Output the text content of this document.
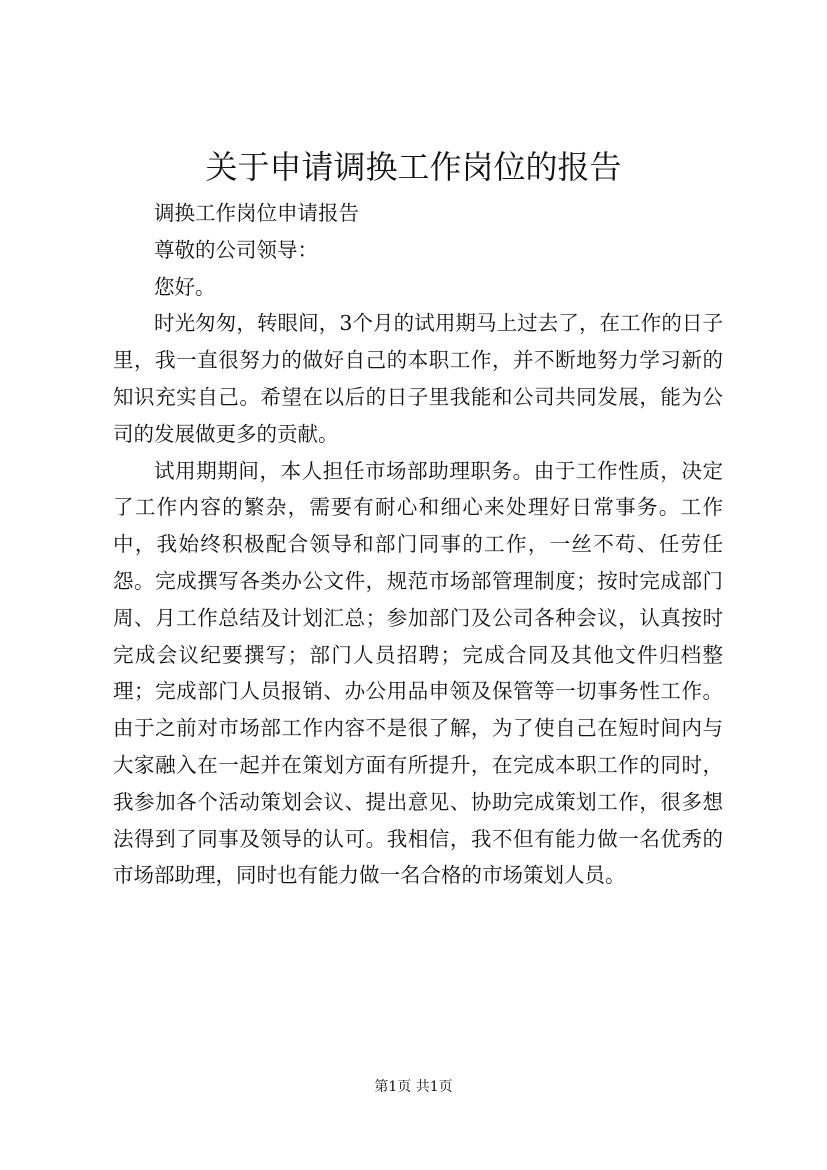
关于申请调换工作岗位的报告

调换工作岗位申请报告

尊敬的公司领导：

您好。

时光匆匆，转眼间，3个月的试用期马上过去了，在工作的日子里，我一直很努力的做好自己的本职工作，并不断地努力学习新的知识充实自己。希望在以后的日子里我能和公司共同发展，能为公司的发展做更多的贡献。

试用期期间，本人担任市场部助理职务。由于工作性质，决定了工作内容的繁杂，需要有耐心和细心来处理好日常事务。工作中，我始终积极配合领导和部门同事的工作，一丝不苟、任劳任怨。完成撰写各类办公文件，规范市场部管理制度；按时完成部门周、月工作总结及计划汇总；参加部门及公司各种会议，认真按时完成会议纪要撰写；部门人员招聘；完成合同及其他文件归档整理；完成部门人员报销、办公用品申领及保管等一切事务性工作。由于之前对市场部工作内容不是很了解，为了使自己在短时间内与大家融入在一起并在策划方面有所提升，在完成本职工作的同时，我参加各个活动策划会议、提出意见、协助完成策划工作，很多想法得到了同事及领导的认可。我相信，我不但有能力做一名优秀的市场部助理，同时也有能力做一名合格的市场策划人员。

第1页 共1页
